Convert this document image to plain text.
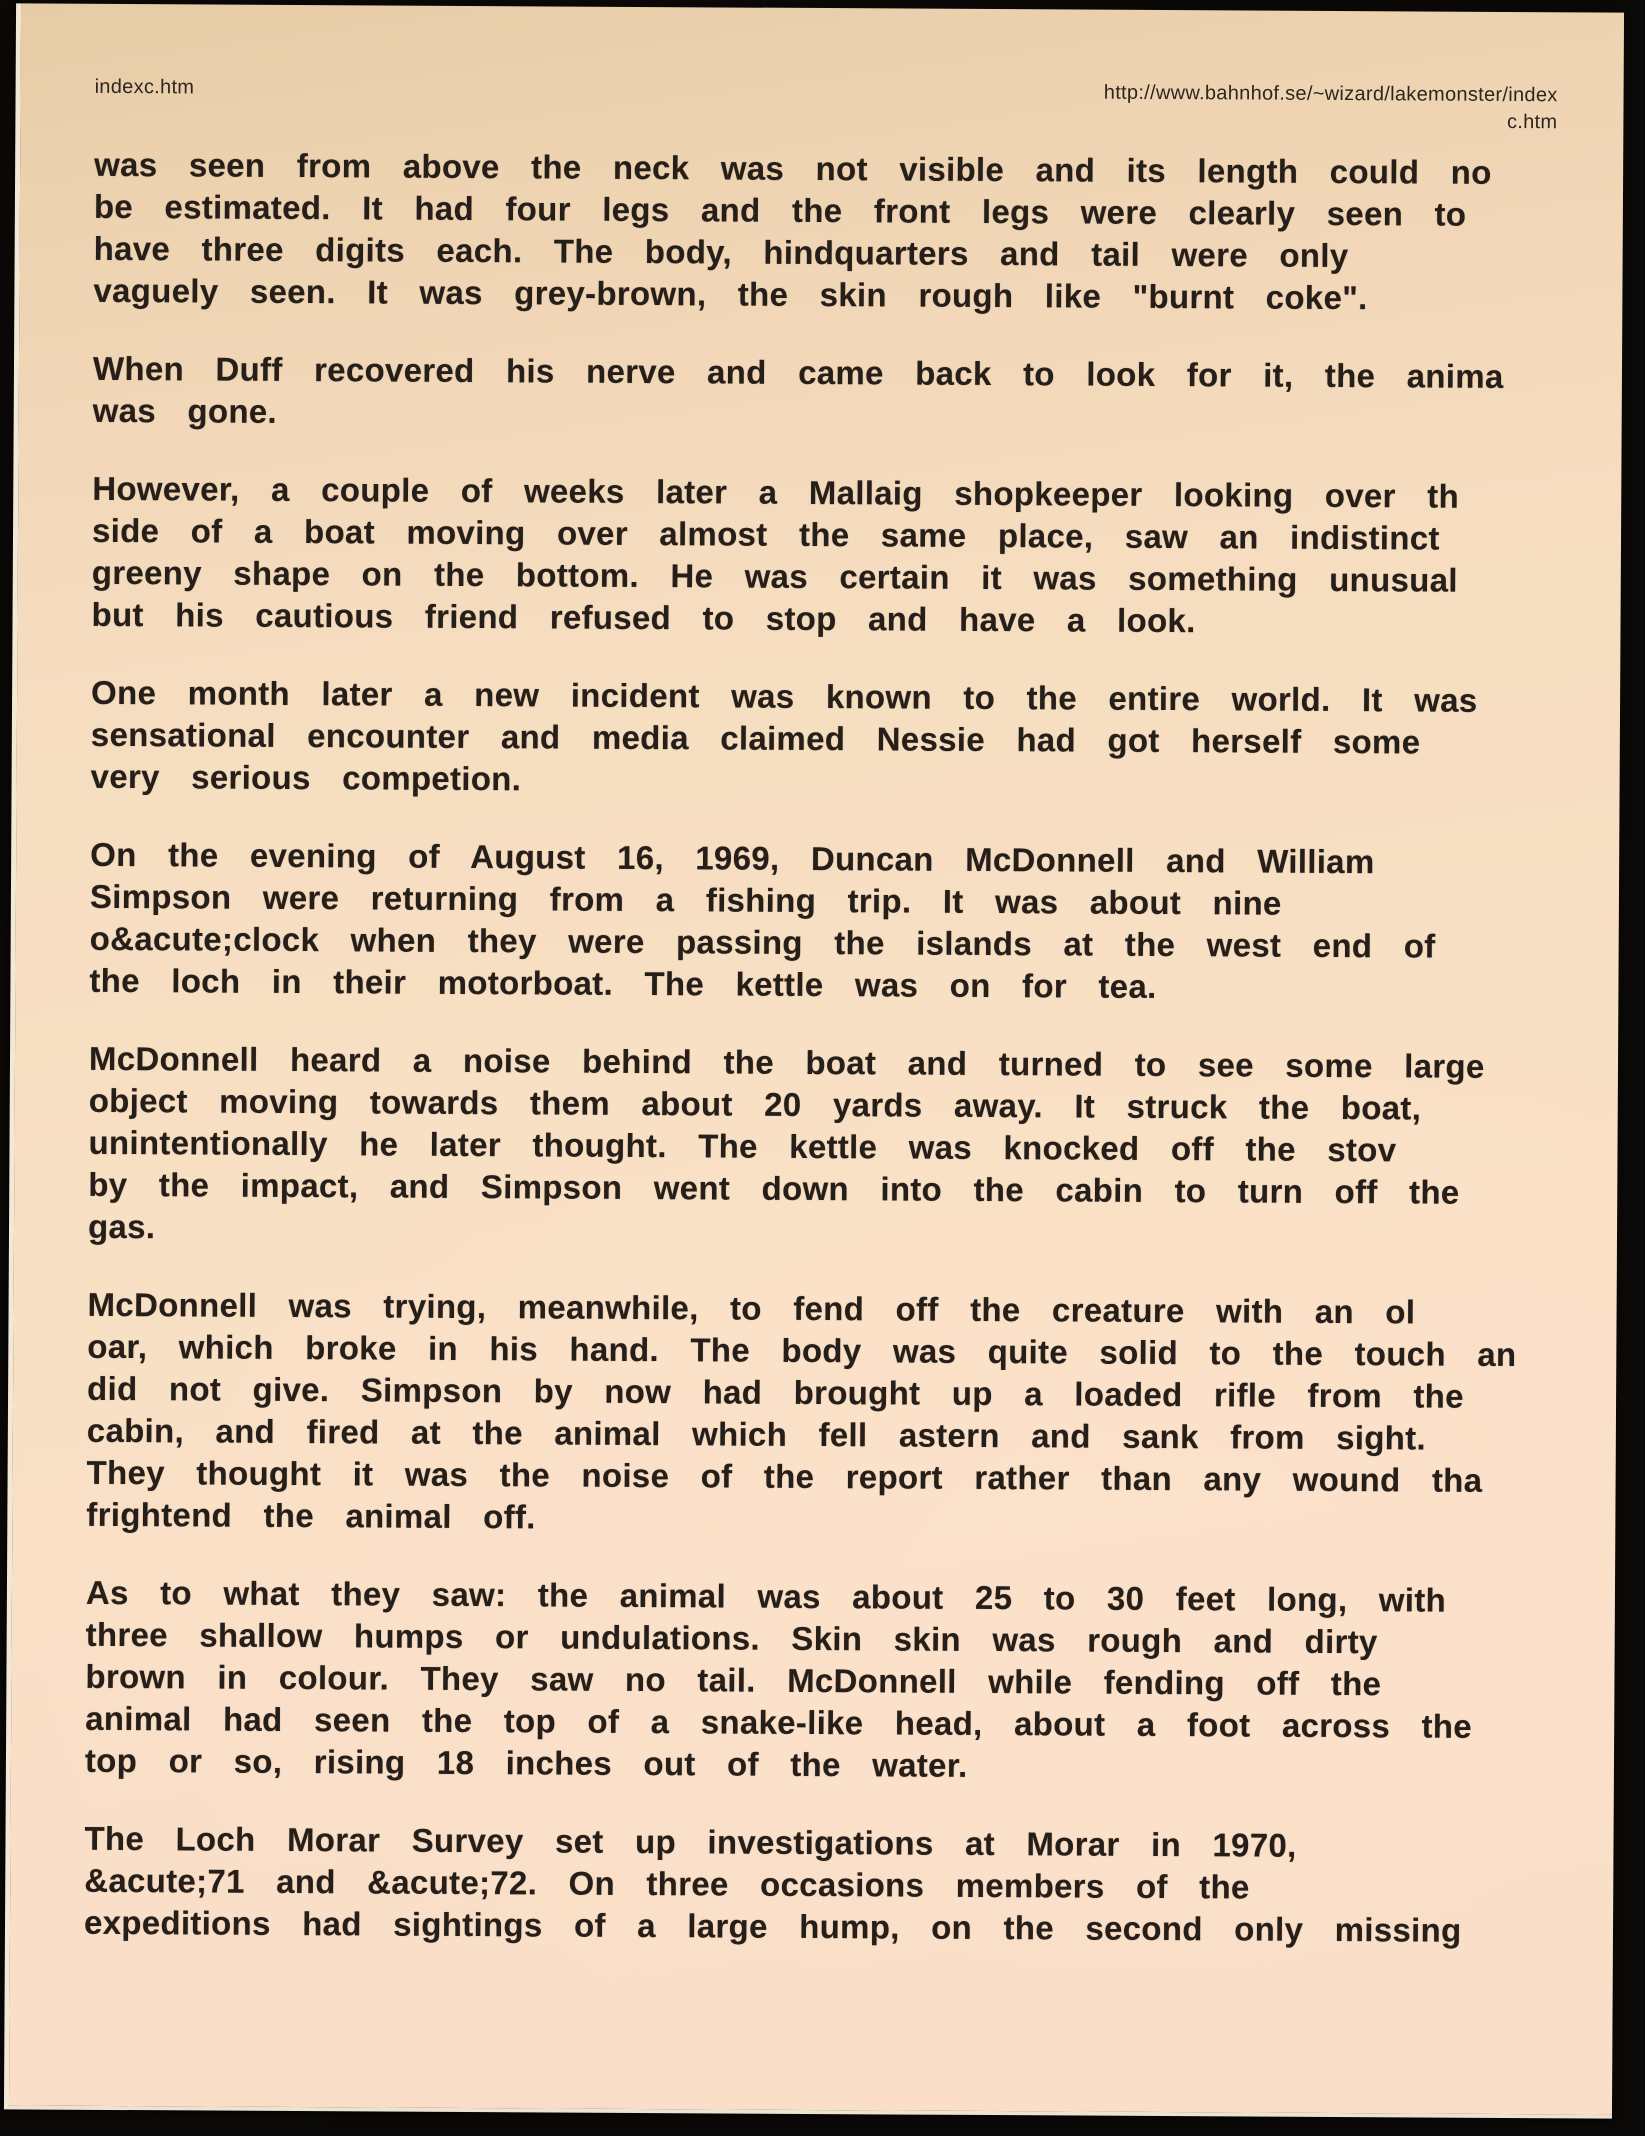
indexc.htm	http://www.bahnhof.se/~wizard/lakemonster/index
c.htm

was seen from above the neck was not visible and its length could no
be estimated. It had four legs and the front legs were clearly seen to
have three digits each. The body, hindquarters and tail were only
vaguely seen. It was grey-brown, the skin rough like "burnt coke".

When Duff recovered his nerve and came back to look for it, the anima
was gone.

However, a couple of weeks later a Mallaig shopkeeper looking over th
side of a boat moving over almost the same place, saw an indistinct
greeny shape on the bottom. He was certain it was something unusual
but his cautious friend refused to stop and have a look.

One month later a new incident was known to the entire world. It was
sensational encounter and media claimed Nessie had got herself some
very serious competion.

On the evening of August 16, 1969, Duncan McDonnell and William
Simpson were returning from a fishing trip. It was about nine
o&acute;clock when they were passing the islands at the west end of
the loch in their motorboat. The kettle was on for tea.

McDonnell heard a noise behind the boat and turned to see some large
object moving towards them about 20 yards away. It struck the boat,
unintentionally he later thought. The kettle was knocked off the stov
by the impact, and Simpson went down into the cabin to turn off the
gas.

McDonnell was trying, meanwhile, to fend off the creature with an ol
oar, which broke in his hand. The body was quite solid to the touch an
did not give. Simpson by now had brought up a loaded rifle from the
cabin, and fired at the animal which fell astern and sank from sight.
They thought it was the noise of the report rather than any wound tha
frightend the animal off.

As to what they saw: the animal was about 25 to 30 feet long, with
three shallow humps or undulations. Skin skin was rough and dirty
brown in colour. They saw no tail. McDonnell while fending off the
animal had seen the top of a snake-like head, about a foot across the
top or so, rising 18 inches out of the water.

The Loch Morar Survey set up investigations at Morar in 1970,
&acute;71 and &acute;72. On three occasions members of the
expeditions had sightings of a large hump, on the second only missing
